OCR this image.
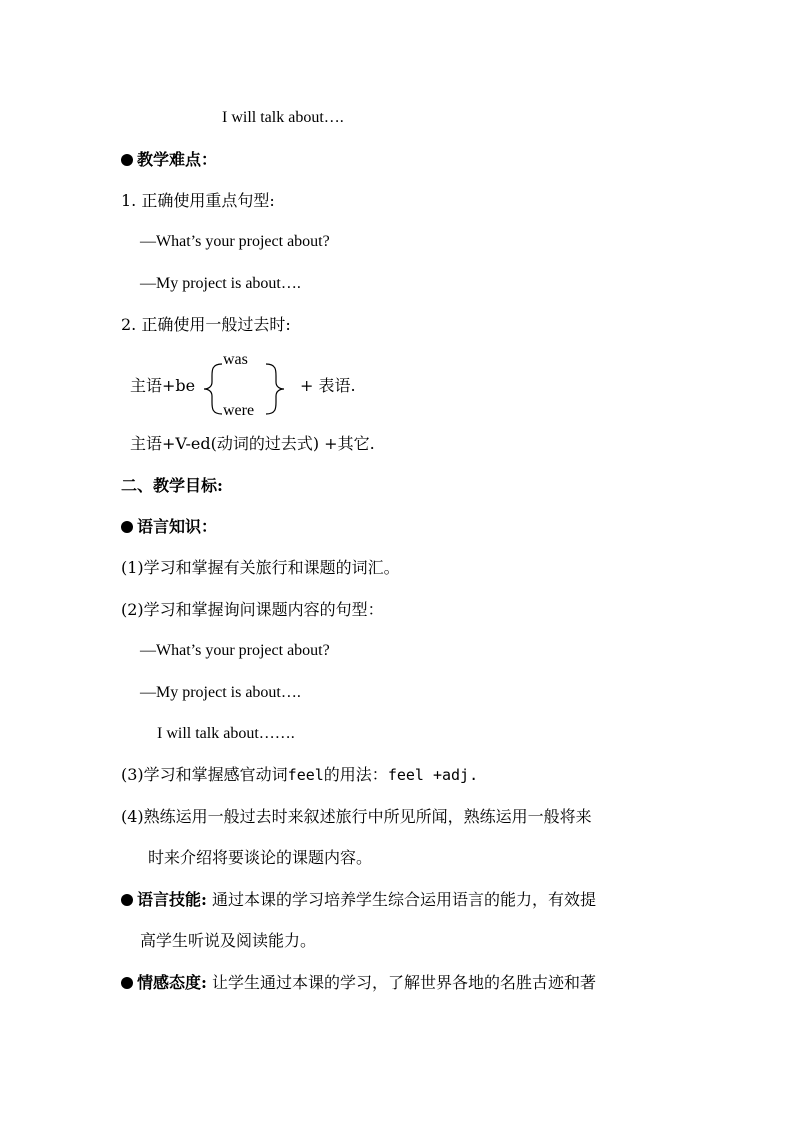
I will talk about….
教学难点：
1. 正确使用重点句型:
—What’s your project about?
—My project is about….
2. 正确使用一般过去时:
was
主语+be
were
+ 表语.
主语+V-ed(动词的过去式) +其它.
二、教学目标:
语言知识：
(1)学习和掌握有关旅行和课题的词汇。
(2)学习和掌握询问课题内容的句型：
—What’s your project about?
—My project is about….
I will talk about…….
(3)学习和掌握感官动词feel的用法：feel +adj.
(4)熟练运用一般过去时来叙述旅行中所见所闻，熟练运用一般将来
时来介绍将要谈论的课题内容。
语言技能: 通过本课的学习培养学生综合运用语言的能力，有效提
高学生听说及阅读能力。
情感态度: 让学生通过本课的学习，了解世界各地的名胜古迹和著
